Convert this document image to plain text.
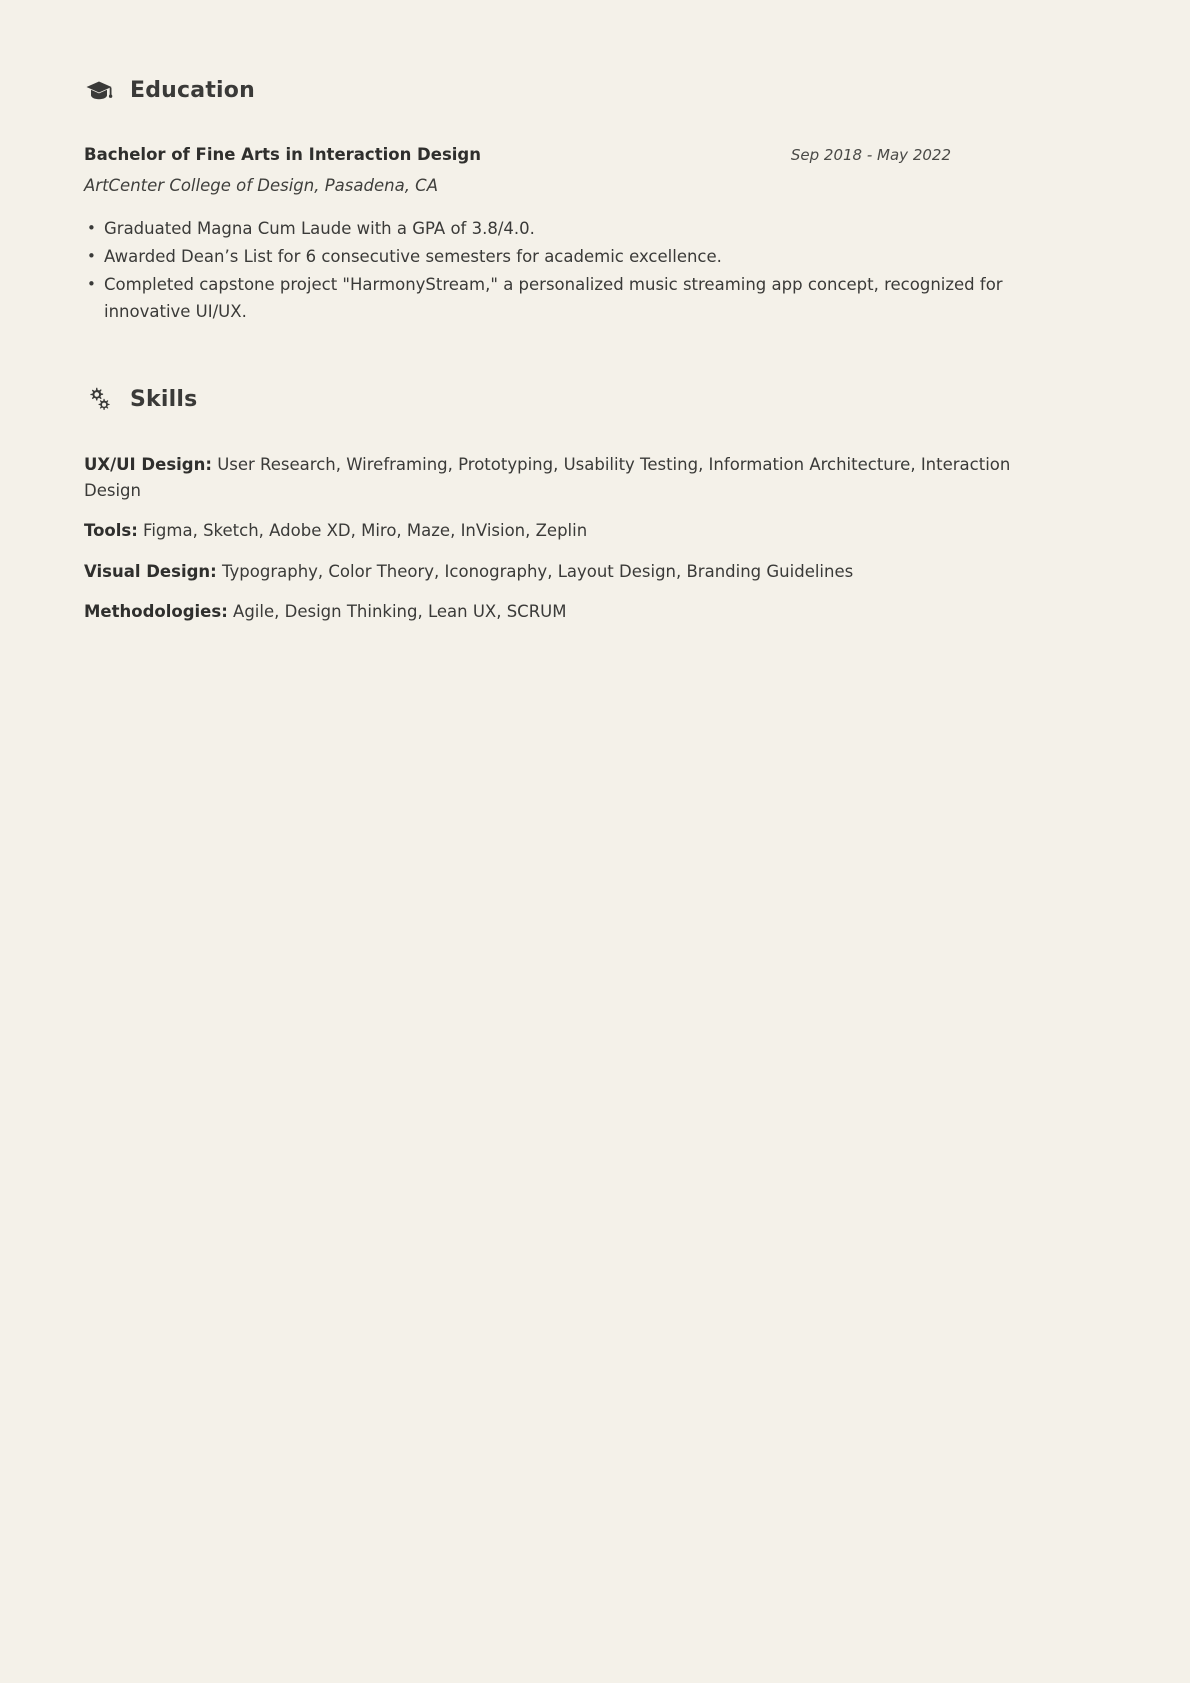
Education
Bachelor of Fine Arts in Interaction Design	Sep 2018 - May 2022
ArtCenter College of Design, Pasadena, CA
• Graduated Magna Cum Laude with a GPA of 3.8/4.0.
• Awarded Dean’s List for 6 consecutive semesters for academic excellence.
• Completed capstone project "HarmonyStream," a personalized music streaming app concept, recognized for innovative UI/UX.
Skills
UX/UI Design: User Research, Wireframing, Prototyping, Usability Testing, Information Architecture, Interaction Design
Tools: Figma, Sketch, Adobe XD, Miro, Maze, InVision, Zeplin
Visual Design: Typography, Color Theory, Iconography, Layout Design, Branding Guidelines
Methodologies: Agile, Design Thinking, Lean UX, SCRUM
